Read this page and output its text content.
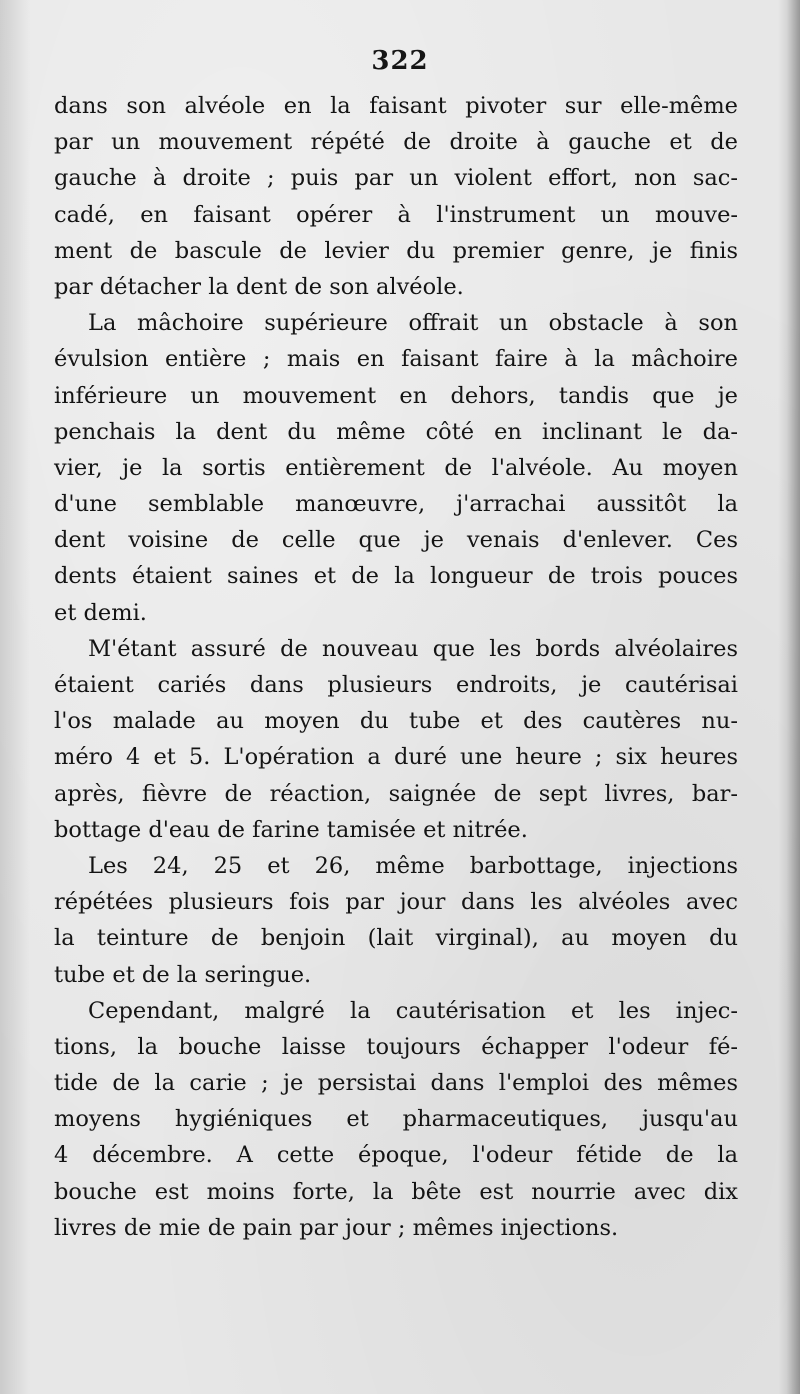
322
dans son alvéole en la faisant pivoter sur elle-même
par un mouvement répété de droite à gauche et de
gauche à droite ; puis par un violent effort, non sac-
cadé, en faisant opérer à l'instrument un mouve-
ment de bascule de levier du premier genre, je finis
par détacher la dent de son alvéole.
La mâchoire supérieure offrait un obstacle à son
évulsion entière ; mais en faisant faire à la mâchoire
inférieure un mouvement en dehors, tandis que je
penchais la dent du même côté en inclinant le da-
vier, je la sortis entièrement de l'alvéole. Au moyen
d'une semblable manœuvre, j'arrachai aussitôt la
dent voisine de celle que je venais d'enlever. Ces
dents étaient saines et de la longueur de trois pouces
et demi.
M'étant assuré de nouveau que les bords alvéolaires
étaient cariés dans plusieurs endroits, je cautérisai
l'os malade au moyen du tube et des cautères nu-
méro 4 et 5. L'opération a duré une heure ; six heures
après, fièvre de réaction, saignée de sept livres, bar-
bottage d'eau de farine tamisée et nitrée.
Les 24, 25 et 26, même barbottage, injections
répétées plusieurs fois par jour dans les alvéoles avec
la teinture de benjoin (lait virginal), au moyen du
tube et de la seringue.
Cependant, malgré la cautérisation et les injec-
tions, la bouche laisse toujours échapper l'odeur fé-
tide de la carie ; je persistai dans l'emploi des mêmes
moyens hygiéniques et pharmaceutiques, jusqu'au
4 décembre. A cette époque, l'odeur fétide de la
bouche est moins forte, la bête est nourrie avec dix
livres de mie de pain par jour ; mêmes injections.
